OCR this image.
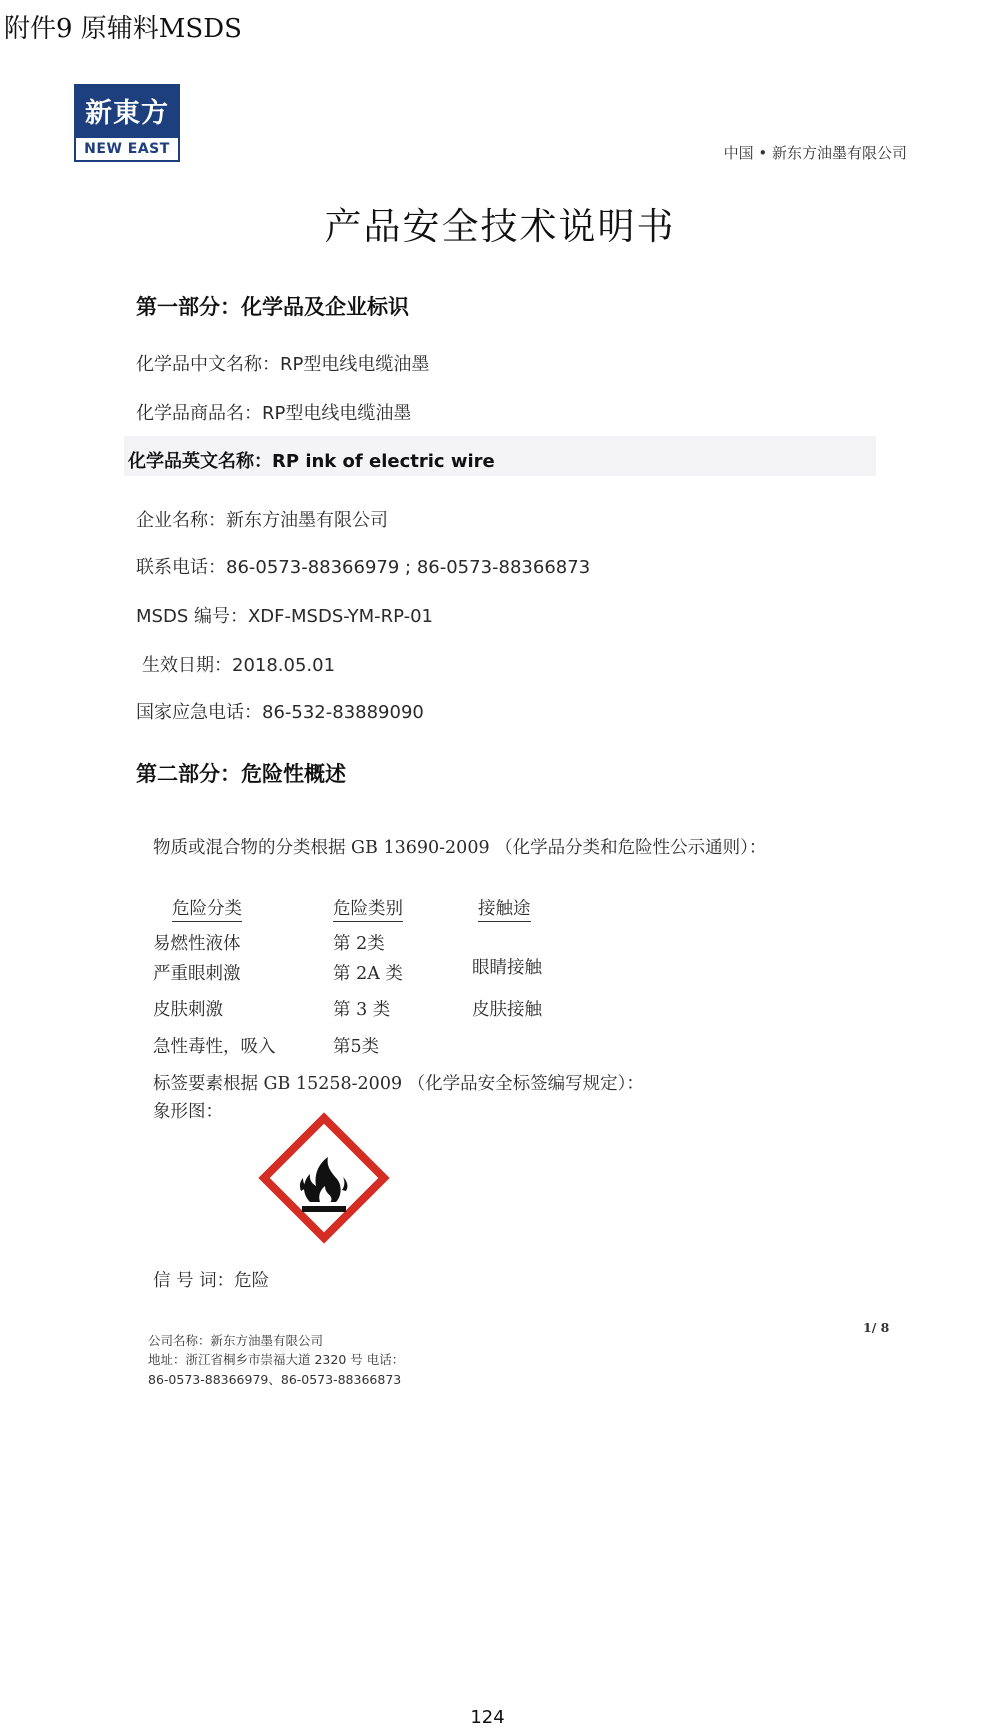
附件9 原辅料MSDS
新東方
NEW EAST	中国 • 新东方油墨有限公司
产品安全技术说明书
第一部分：化学品及企业标识
化学品中文名称：RP型电线电缆油墨
化学品商品名：RP型电线电缆油墨
化学品英文名称：RP ink of electric wire
企业名称：新东方油墨有限公司
联系电话：86-0573-88366979 ; 86-0573-88366873
MSDS 编号：XDF-MSDS-YM-RP-01
生效日期：2018.05.01
国家应急电话：86-532-83889090
第二部分：危险性概述
物质或混合物的分类根据 GB 13690-2009 （化学品分类和危险性公示通则）：
危险分类	危险类别	接触途
易燃性液体	第 2类
严重眼刺激	第 2A 类	眼睛接触
皮肤刺激	第 3 类	皮肤接触
急性毒性，吸入	第5类
标签要素根据 GB 15258-2009 （化学品安全标签编写规定）：
象形图：
信 号 词：危险
公司名称：新东方油墨有限公司
地址：浙江省桐乡市崇福大道 2320 号 电话：
86-0573-88366979、86-0573-88366873
1/ 8
124
